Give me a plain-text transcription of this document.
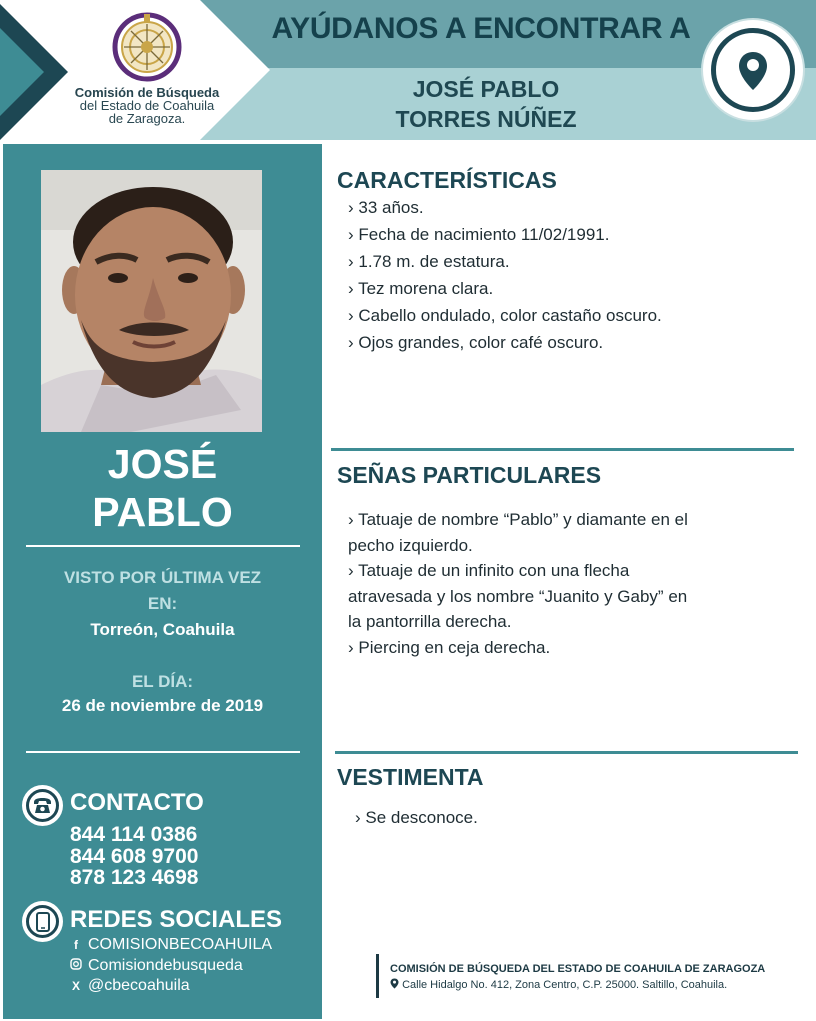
Comisión de Búsqueda
del Estado de Coahuila
de Zaragoza.
AYÚDANOS A ENCONTRAR A
JOSÉ PABLO
TORRES NÚÑEZ
JOSÉ
PABLO
VISTO POR ÚLTIMA VEZ
EN:
Torreón, Coahuila
EL DÍA:
26 de noviembre de 2019
CONTACTO
844 114 0386
844 608 9700
878 123 4698
REDES SOCIALES
f COMISIONBECOAHUILA
Comisiondebusqueda
X @cbecoahuila
CARACTERÍSTICAS
› 33 años.
› Fecha de nacimiento 11/02/1991.
› 1.78 m. de estatura.
› Tez morena clara.
› Cabello ondulado, color castaño oscuro.
› Ojos grandes, color café oscuro.
SEÑAS PARTICULARES
› Tatuaje de nombre “Pablo” y diamante en el
pecho izquierdo.
› Tatuaje de un infinito con una flecha
atravesada y los nombre “Juanito y Gaby” en
la pantorrilla derecha.
› Piercing en ceja derecha.
VESTIMENTA
› Se desconoce.
COMISIÓN DE BÚSQUEDA DEL ESTADO DE COAHUILA DE ZARAGOZA
Calle Hidalgo No. 412, Zona Centro, C.P. 25000. Saltillo, Coahuila.
